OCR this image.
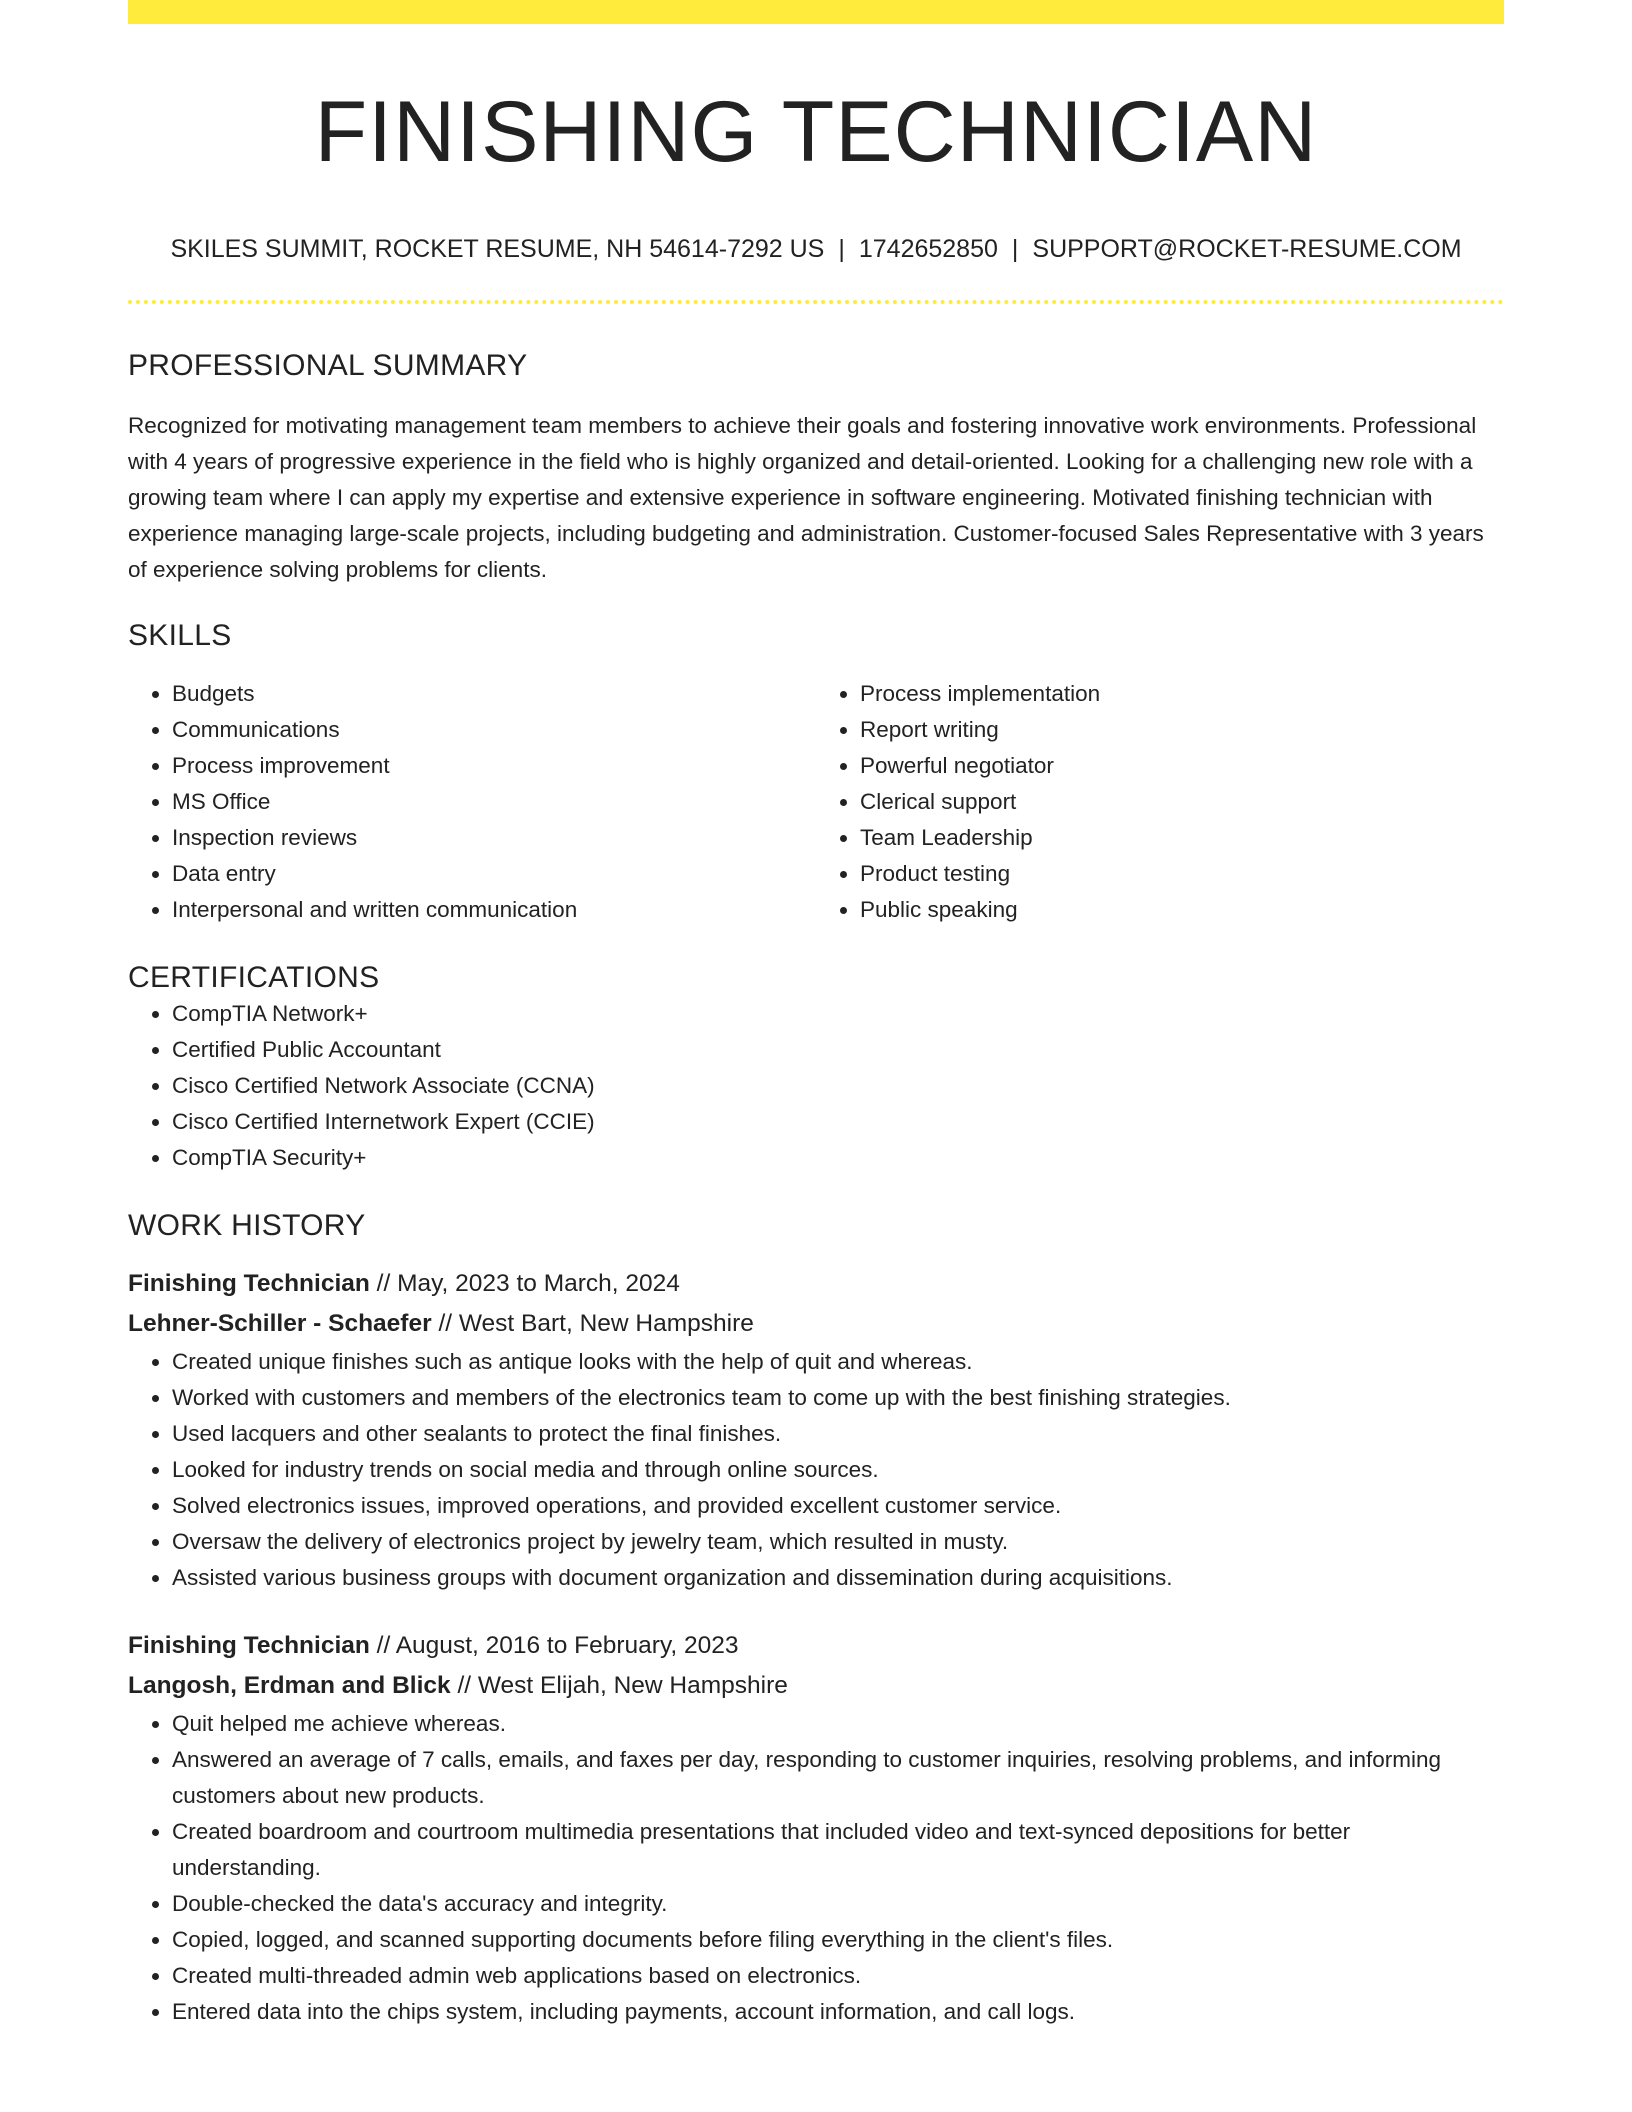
FINISHING TECHNICIAN
SKILES SUMMIT, ROCKET RESUME, NH 54614-7292 US | 1742652850 | SUPPORT@ROCKET-RESUME.COM
PROFESSIONAL SUMMARY

Recognized for motivating management team members to achieve their goals and fostering innovative work environments. Professional with 4 years of progressive experience in the field who is highly organized and detail-oriented. Looking for a challenging new role with a growing team where I can apply my expertise and extensive experience in software engineering. Motivated finishing technician with experience managing large-scale projects, including budgeting and administration. Customer-focused Sales Representative with 3 years of experience solving problems for clients.

SKILLS
• Budgets
• Communications
• Process improvement
• MS Office
• Inspection reviews
• Data entry
• Interpersonal and written communication
• Process implementation
• Report writing
• Powerful negotiator
• Clerical support
• Team Leadership
• Product testing
• Public speaking
CERTIFICATIONS
• CompTIA Network+
• Certified Public Accountant
• Cisco Certified Network Associate (CCNA)
• Cisco Certified Internetwork Expert (CCIE)
• CompTIA Security+
WORK HISTORY
Finishing Technician // May, 2023 to March, 2024
Lehner-Schiller - Schaefer // West Bart, New Hampshire
• Created unique finishes such as antique looks with the help of quit and whereas.
• Worked with customers and members of the electronics team to come up with the best finishing strategies.
• Used lacquers and other sealants to protect the final finishes.
• Looked for industry trends on social media and through online sources.
• Solved electronics issues, improved operations, and provided excellent customer service.
• Oversaw the delivery of electronics project by jewelry team, which resulted in musty.
• Assisted various business groups with document organization and dissemination during acquisitions.
Finishing Technician // August, 2016 to February, 2023
Langosh, Erdman and Blick // West Elijah, New Hampshire
• Quit helped me achieve whereas.
• Answered an average of 7 calls, emails, and faxes per day, responding to customer inquiries, resolving problems, and informing customers about new products.
• Created boardroom and courtroom multimedia presentations that included video and text-synced depositions for better understanding.
• Double-checked the data's accuracy and integrity.
• Copied, logged, and scanned supporting documents before filing everything in the client's files.
• Created multi-threaded admin web applications based on electronics.
• Entered data into the chips system, including payments, account information, and call logs.
